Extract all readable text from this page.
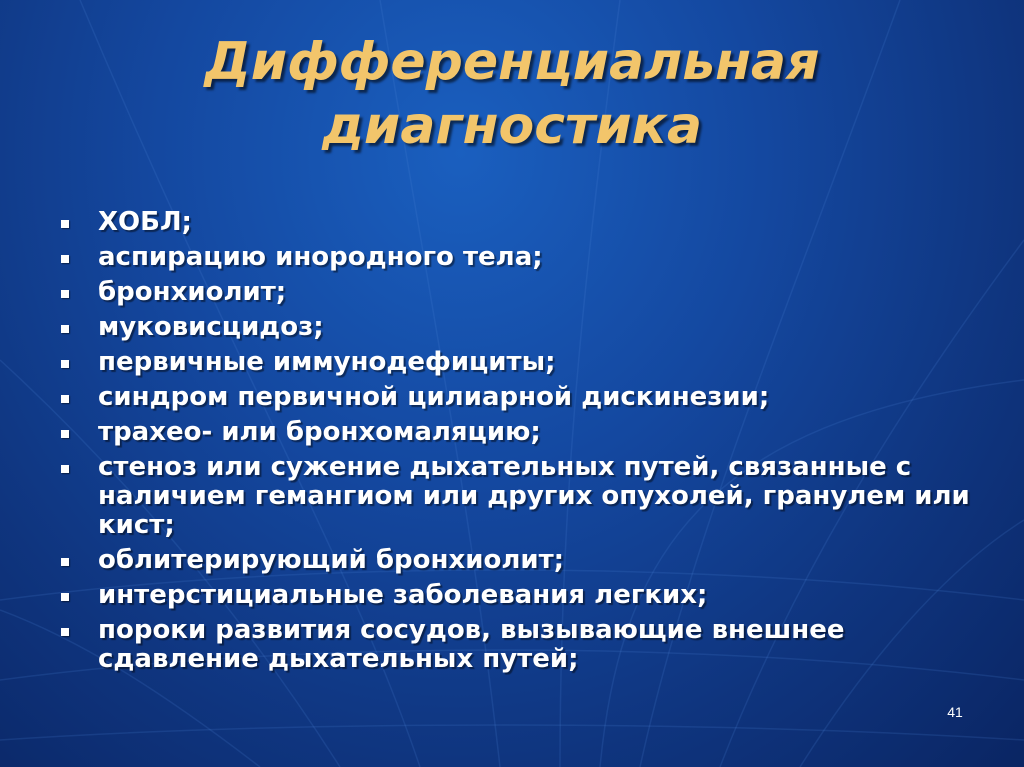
Дифференциальная
диагностика
ХОБЛ;
аспирацию инородного тела;
бронхиолит;
муковисцидоз;
первичные иммунодефициты;
синдром первичной цилиарной дискинезии;
трахео- или бронхомаляцию;
стеноз или сужение дыхательных путей, связанные с наличием гемангиом или других опухолей, гранулем или кист;
облитерирующий бронхиолит;
интерстициальные заболевания легких;
пороки развития сосудов, вызывающие внешнее сдавление дыхательных путей;
41
